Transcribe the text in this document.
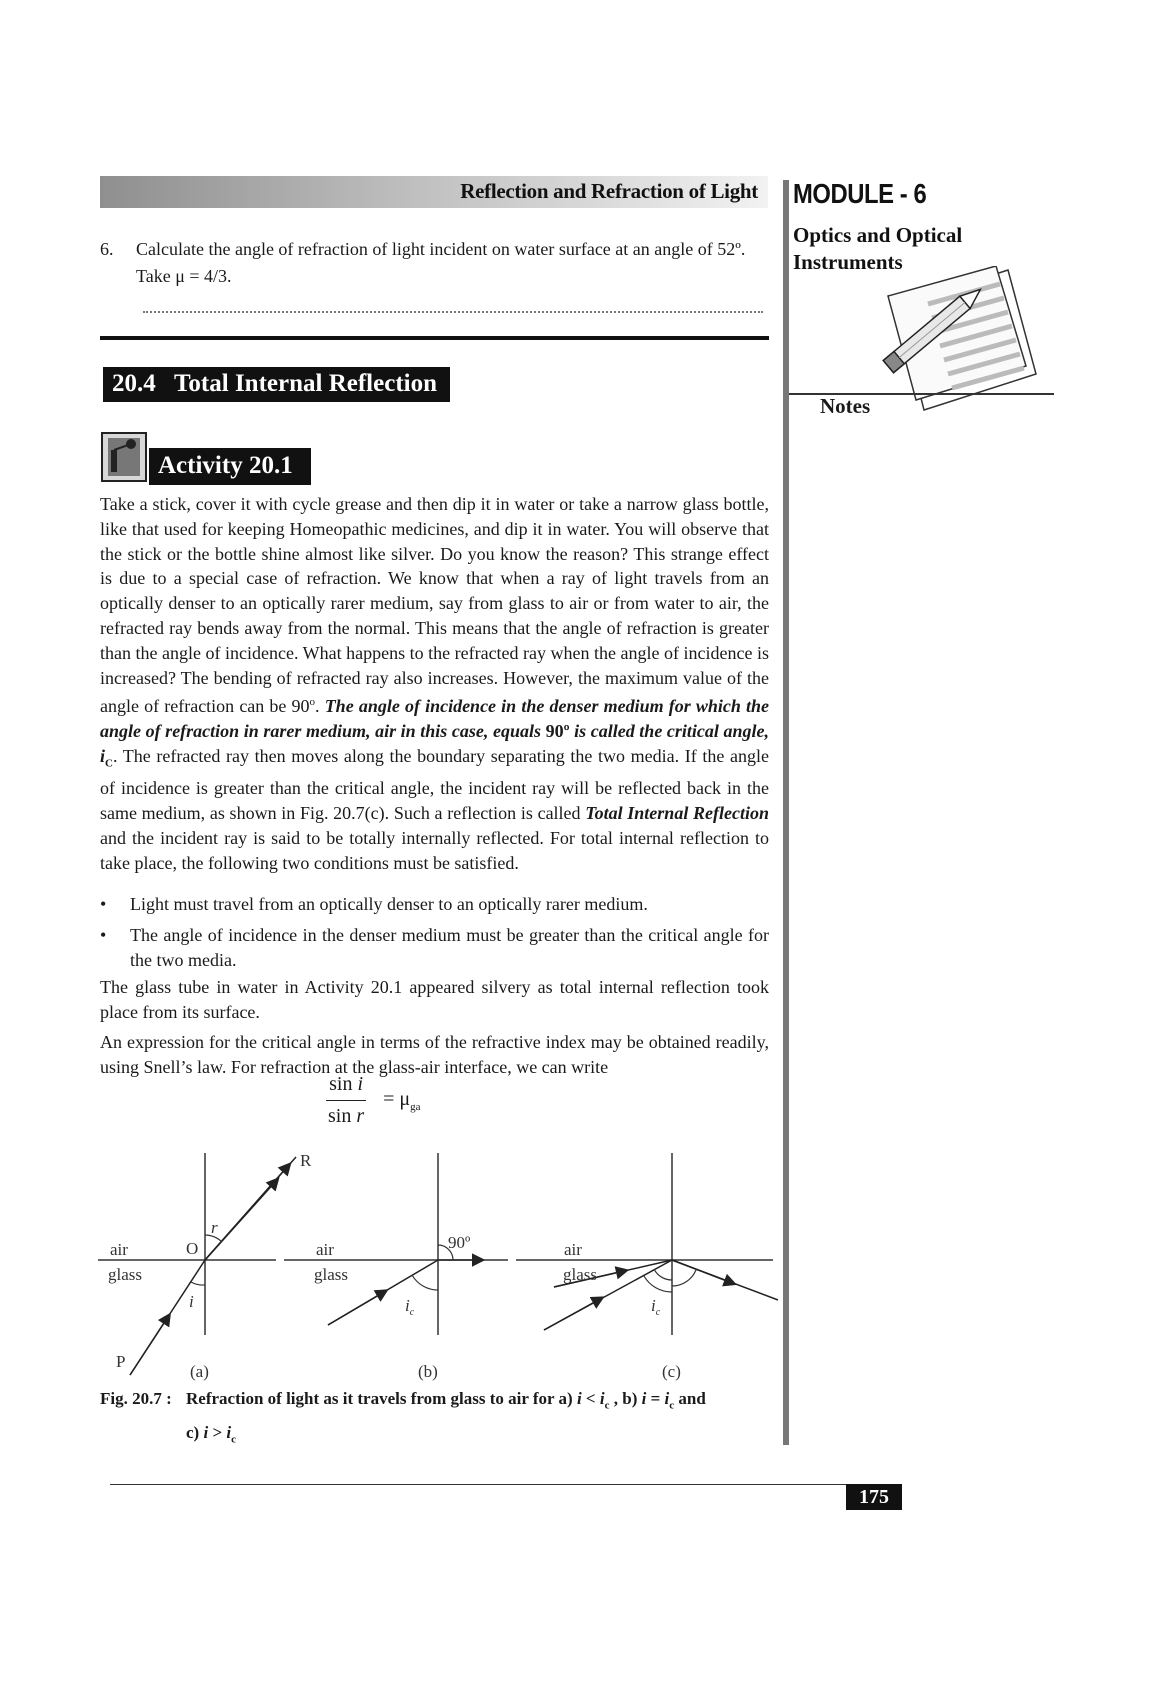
Reflection and Refraction of Light MODULE - 6
Optics and Optical
Instruments
Notes
6. Calculate the angle of refraction of light incident on water surface at an angle of 52º.
Take μ = 4/3.
20.4   Total Internal Reflection
Activity 20.1
Take a stick, cover it with cycle grease and then dip it in water or take a narrow glass bottle, like that used for keeping Homeopathic medicines, and dip it in water. You will observe that the stick or the bottle shine almost like silver. Do you know the reason? This strange effect is due to a special case of refraction. We know that when a ray of light travels from an optically denser to an optically rarer medium, say from glass to air or from water to air, the refracted ray bends away from the normal. This means that the angle of refraction is greater than the angle of incidence. What happens to the refracted ray when the angle of incidence is increased? The bending of refracted ray also increases. However, the maximum value of the angle of refraction can be 90$^o$. The angle of incidence in the denser medium for which the angle of refraction in rarer medium, air in this case, equals 90º is called the critical angle, $i_C$. The refracted ray then moves along the boundary separating the two media. If the angle of incidence is greater than the critical angle, the incident ray will be reflected back in the same medium, as shown in Fig. 20.7(c). Such a reflection is called Total Internal Reflection and the incident ray is said to be totally internally reflected. For total internal reflection to take place, the following two conditions must be satisfied.
• Light must travel from an optically denser to an optically rarer medium.
• The angle of incidence in the denser medium must be greater than the critical angle for the two media.
The glass tube in water in Activity 20.1 appeared silvery as total internal reflection took place from its surface.
An expression for the critical angle in terms of the refractive index may be obtained readily, using Snell’s law. For refraction at the glass-air interface, we can write
$\frac{\text{sin i}}{\text{sin r}} = \mu_{ga}$
air
glass
O
R
P
r
i
(a)
air
glass
90º
$i_c$
(b)
air
glass
$i_c$
(c)
Fig. 20.7 : Refraction of light as it travels from glass to air for a) $i < i_c$ , b) $i = i_c$ and
c) $i > i_c$
175
